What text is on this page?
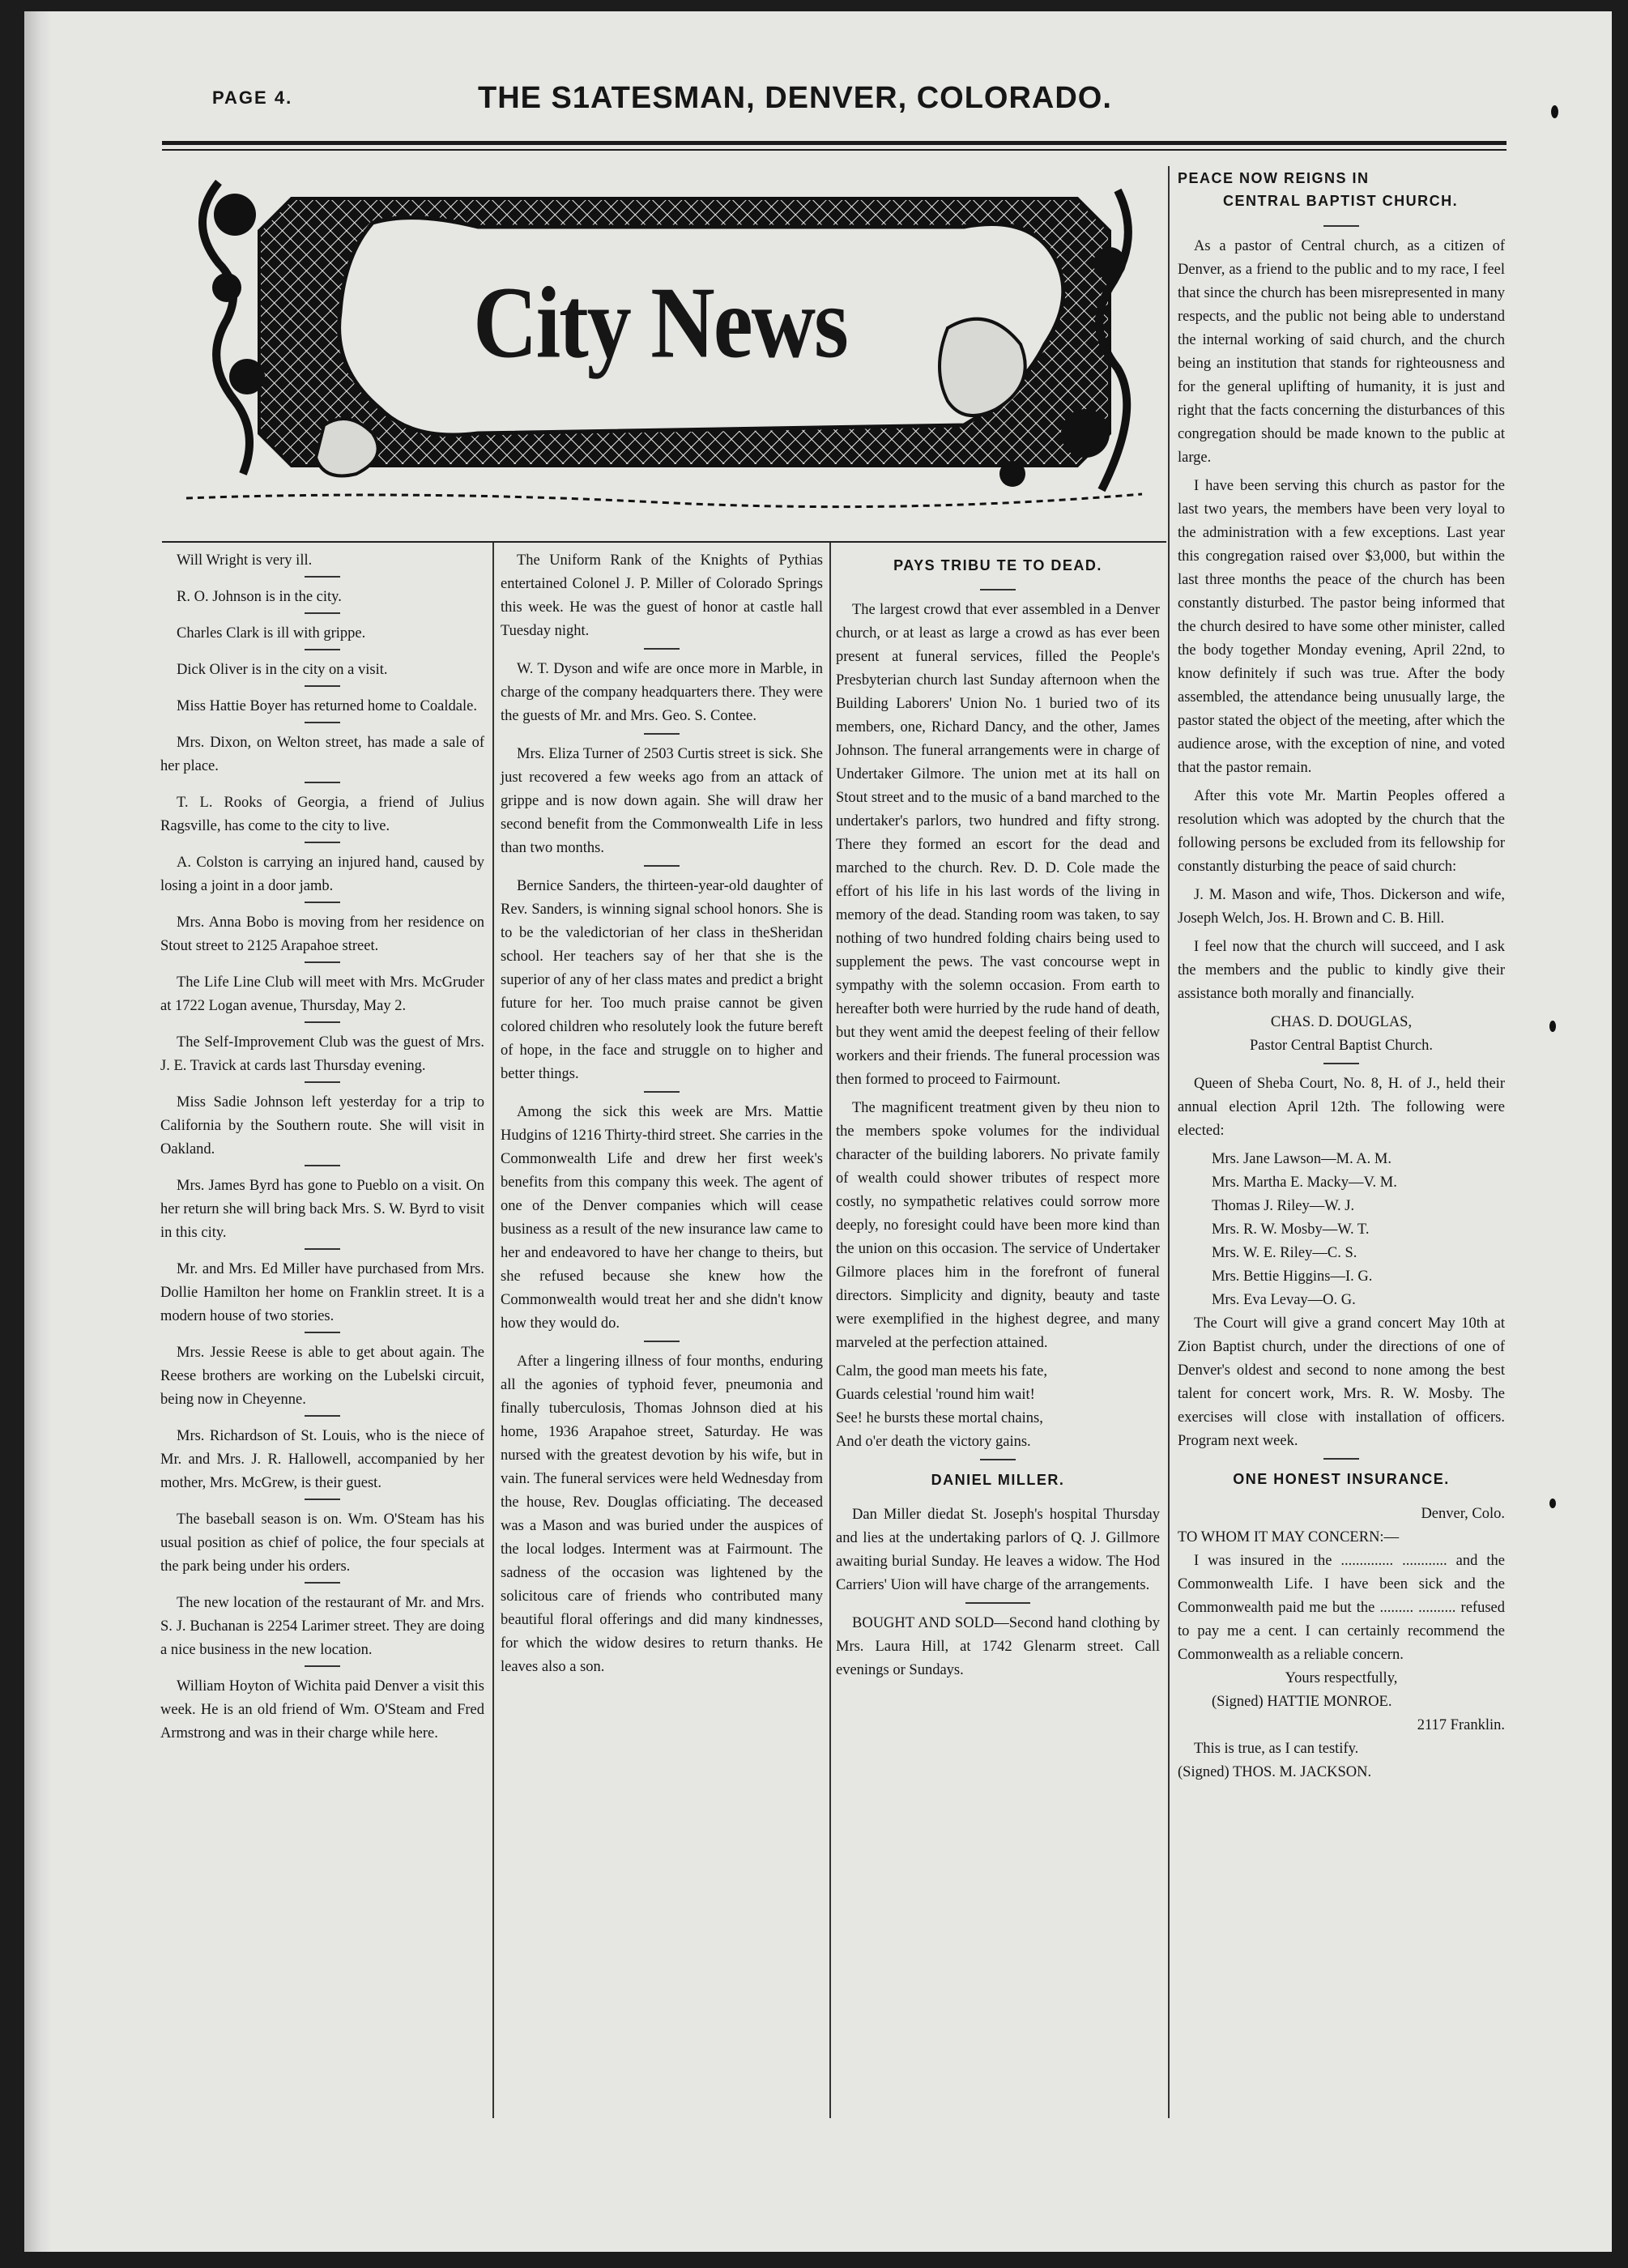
PAGE 4.	THE S1ATESMAN, DENVER, COLORADO.
City News

Will Wright is very ill.

R. O. Johnson is in the city.

Charles Clark is ill with grippe.

Dick Oliver is in the city on a visit.

Miss Hattie Boyer has returned home to Coaldale.

Mrs. Dixon, on Welton street, has made a sale of her place.

T. L. Rooks of Georgia, a friend of Julius Ragsville, has come to the city to live.

A. Colston is carrying an injured hand, caused by losing a joint in a door jamb.

Mrs. Anna Bobo is moving from her residence on Stout street to 2125 Arapahoe street.

The Life Line Club will meet with Mrs. McGruder at 1722 Logan avenue, Thursday, May 2.

The Self-Improvement Club was the guest of Mrs. J. E. Travick at cards last Thursday evening.

Miss Sadie Johnson left yesterday for a trip to California by the Southern route. She will visit in Oakland.

Mrs. James Byrd has gone to Pueblo on a visit. On her return she will bring back Mrs. S. W. Byrd to visit in this city.

Mr. and Mrs. Ed Miller have purchased from Mrs. Dollie Hamilton her home on Franklin street. It is a modern house of two stories.

Mrs. Jessie Reese is able to get about again. The Reese brothers are working on the Lubelski circuit, being now in Cheyenne.

Mrs. Richardson of St. Louis, who is the niece of Mr. and Mrs. J. R. Hallowell, accompanied by her mother, Mrs. McGrew, is their guest.

The baseball season is on. Wm. O'Steam has his usual position as chief of police, the four specials at the park being under his orders.

The new location of the restaurant of Mr. and Mrs. S. J. Buchanan is 2254 Larimer street. They are doing a nice business in the new location.

William Hoyton of Wichita paid Denver a visit this week. He is an old friend of Wm. O'Steam and Fred Armstrong and was in their charge while here.

The Uniform Rank of the Knights of Pythias entertained Colonel J. P. Miller of Colorado Springs this week. He was the guest of honor at castle hall Tuesday night.

W. T. Dyson and wife are once more in Marble, in charge of the company headquarters there. They were the guests of Mr. and Mrs. Geo. S. Contee.

Mrs. Eliza Turner of 2503 Curtis street is sick. She just recovered a few weeks ago from an attack of grippe and is now down again. She will draw her second benefit from the Commonwealth Life in less than two months.

Bernice Sanders, the thirteen-year-old daughter of Rev. Sanders, is winning signal school honors. She is to be the valedictorian of her class in theSheridan school. Her teachers say of her that she is the superior of any of her class mates and predict a bright future for her. Too much praise cannot be given colored children who resolutely look the future bereft of hope, in the face and struggle on to higher and better things.

Among the sick this week are Mrs. Mattie Hudgins of 1216 Thirty-third street. She carries in the Commonwealth Life and drew her first week's benefits from this company this week. The agent of one of the Denver companies which will cease business as a result of the new insurance law came to her and endeavored to have her change to theirs, but she refused because she knew how the Commonwealth would treat her and she didn't know how they would do.

After a lingering illness of four months, enduring all the agonies of typhoid fever, pneumonia and finally tuberculosis, Thomas Johnson died at his home, 1936 Arapahoe street, Saturday. He was nursed with the greatest devotion by his wife, but in vain. The funeral services were held Wednesday from the house, Rev. Douglas officiating. The deceased was a Mason and was buried under the auspices of the local lodges. Interment was at Fairmount. The sadness of the occasion was lightened by the solicitous care of friends who contributed many beautiful floral offerings and did many kindnesses, for which the widow desires to return thanks. He leaves also a son.

PAYS TRIBU TE TO DEAD.

The largest crowd that ever assembled in a Denver church, or at least as large a crowd as has ever been present at funeral services, filled the People's Presbyterian church last Sunday afternoon when the Building Laborers' Union No. 1 buried two of its members, one, Richard Dancy, and the other, James Johnson. The funeral arrangements were in charge of Undertaker Gilmore. The union met at its hall on Stout street and to the music of a band marched to the undertaker's parlors, two hundred and fifty strong. There they formed an escort for the dead and marched to the church. Rev. D. D. Cole made the effort of his life in his last words of the living in memory of the dead. Standing room was taken, to say nothing of two hundred folding chairs being used to supplement the pews. The vast concourse wept in sympathy with the solemn occasion. From earth to hereafter both were hurried by the rude hand of death, but they went amid the deepest feeling of their fellow workers and their friends. The funeral procession was then formed to proceed to Fairmount.

The magnificent treatment given by theu nion to the members spoke volumes for the individual character of the building laborers. No private family of wealth could shower tributes of respect more costly, no sympathetic relatives could sorrow more deeply, no foresight could have been more kind than the union on this occasion. The service of Undertaker Gilmore places him in the forefront of funeral directors. Simplicity and dignity, beauty and taste were exemplified in the highest degree, and many marveled at the perfection attained.

Calm, the good man meets his fate,

Guards celestial 'round him wait!

See! he bursts these mortal chains,

And o'er death the victory gains.

DANIEL MILLER.

Dan Miller diedat St. Joseph's hospital Thursday and lies at the undertaking parlors of Q. J. Gillmore awaiting burial Sunday. He leaves a widow. The Hod Carriers' Uion will have charge of the arrangements.

BOUGHT AND SOLD—Second hand clothing by Mrs. Laura Hill, at 1742 Glenarm street. Call evenings or Sundays.

PEACE NOW REIGNS IN
CENTRAL BAPTIST CHURCH.

As a pastor of Central church, as a citizen of Denver, as a friend to the public and to my race, I feel that since the church has been misrepresented in many respects, and the public not being able to understand the internal working of said church, and the church being an institution that stands for righteousness and for the general uplifting of humanity, it is just and right that the facts concerning the disturbances of this congregation should be made known to the public at large.

I have been serving this church as pastor for the last two years, the members have been very loyal to the administration with a few exceptions. Last year this congregation raised over $3,000, but within the last three months the peace of the church has been constantly disturbed. The pastor being informed that the church desired to have some other minister, called the body together Monday evening, April 22nd, to know definitely if such was true. After the body assembled, the attendance being unusually large, the pastor stated the object of the meeting, after which the audience arose, with the exception of nine, and voted that the pastor remain.

After this vote Mr. Martin Peoples offered a resolution which was adopted by the church that the following persons be excluded from its fellowship for constantly disturbing the peace of said church:

J. M. Mason and wife, Thos. Dickerson and wife, Joseph Welch, Jos. H. Brown and C. B. Hill.

I feel now that the church will succeed, and I ask the members and the public to kindly give their assistance both morally and financially.

CHAS. D. DOUGLAS,

Pastor Central Baptist Church.

Queen of Sheba Court, No. 8, H. of J., held their annual election April 12th. The following were elected:

Mrs. Jane Lawson—M. A. M.

Mrs. Martha E. Macky—V. M.

Thomas J. Riley—W. J.

Mrs. R. W. Mosby—W. T.

Mrs. W. E. Riley—C. S.

Mrs. Bettie Higgins—I. G.

Mrs. Eva Levay—O. G.

The Court will give a grand concert May 10th at Zion Baptist church, under the directions of one of Denver's oldest and second to none among the best talent for concert work, Mrs. R. W. Mosby. The exercises will close with installation of officers. Program next week.

ONE HONEST INSURANCE.

Denver, Colo.

TO WHOM IT MAY CONCERN:—

I was insured in the .............. ............ and the Commonwealth Life. I have been sick and the Commonwealth paid me but the ......... .......... refused to pay me a cent. I can certainly recommend the Commonwealth as a reliable concern.

Yours respectfully,

(Signed) HATTIE MONROE.

2117 Franklin.

This is true, as I can testify.

(Signed) THOS. M. JACKSON.
